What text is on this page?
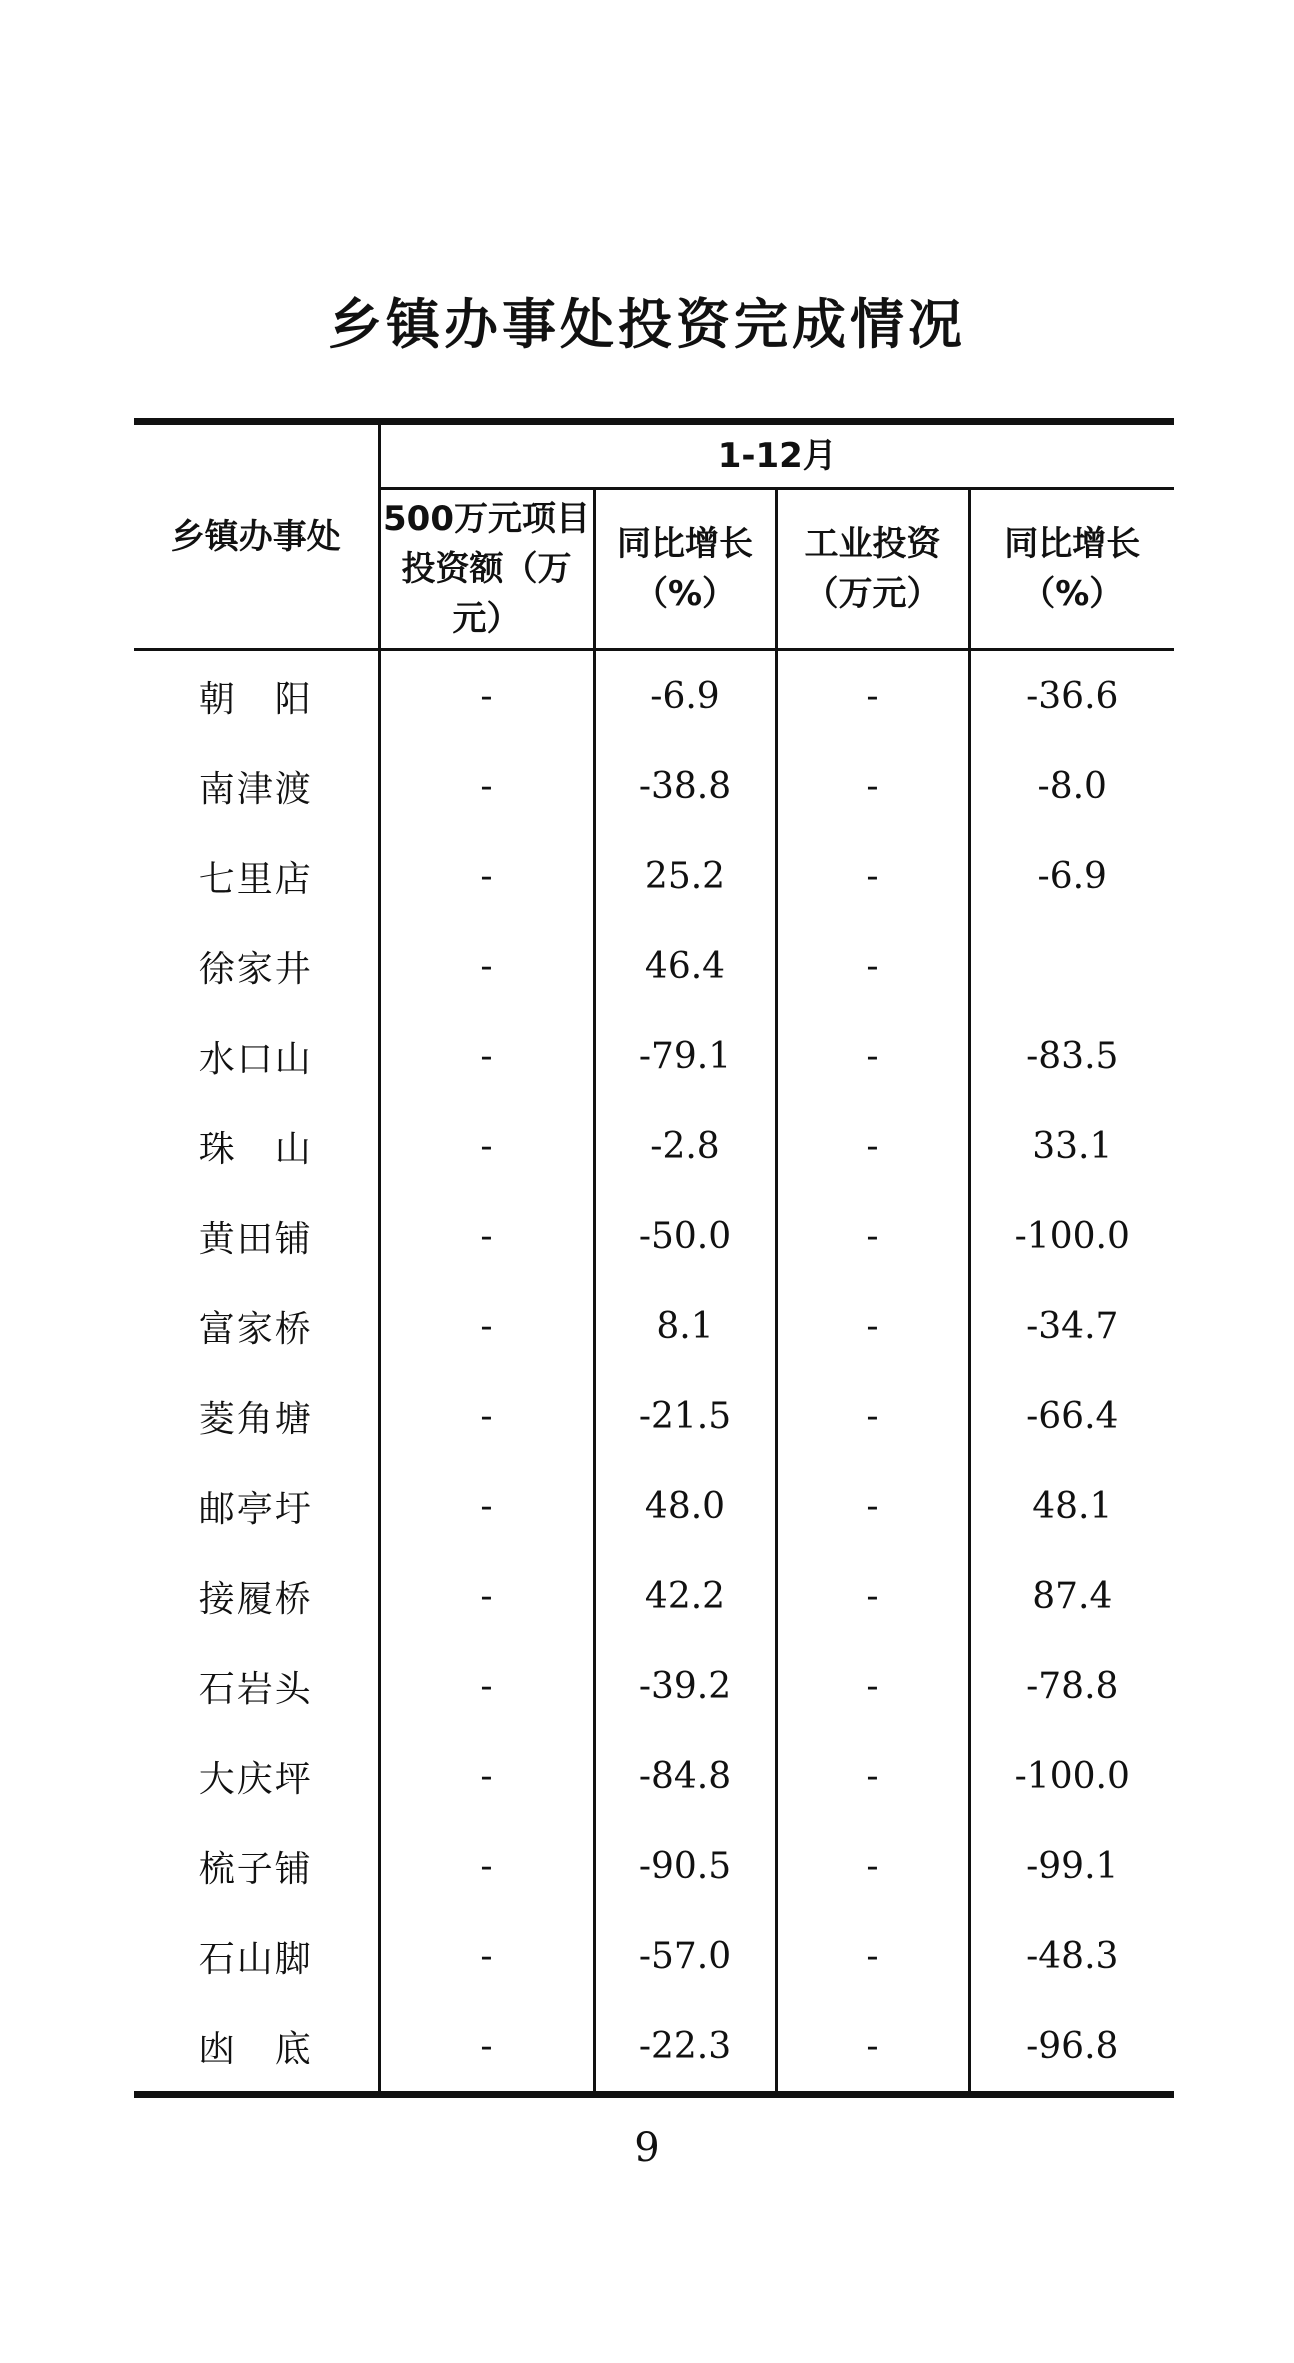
乡镇办事处投资完成情况
乡镇办事处	1-12月			
	500万元项目投资额（万元）	同比增长（%）	工业投资（万元）	同比增长（%）
朝　阳	-	-6.9	-	-36.6
南津渡	-	-38.8	-	-8.0
七里店	-	25.2	-	-6.9
徐家井	-	46.4	-	
水口山	-	-79.1	-	-83.5
珠　山	-	-2.8	-	33.1
黄田铺	-	-50.0	-	-100.0
富家桥	-	8.1	-	-34.7
菱角塘	-	-21.5	-	-66.4
邮亭圩	-	48.0	-	48.1
接履桥	-	42.2	-	87.4
石岩头	-	-39.2	-	-78.8
大庆坪	-	-84.8	-	-100.0
梳子铺	-	-90.5	-	-99.1
石山脚	-	-57.0	-	-48.3
凼　底	-	-22.3	-	-96.8
9
